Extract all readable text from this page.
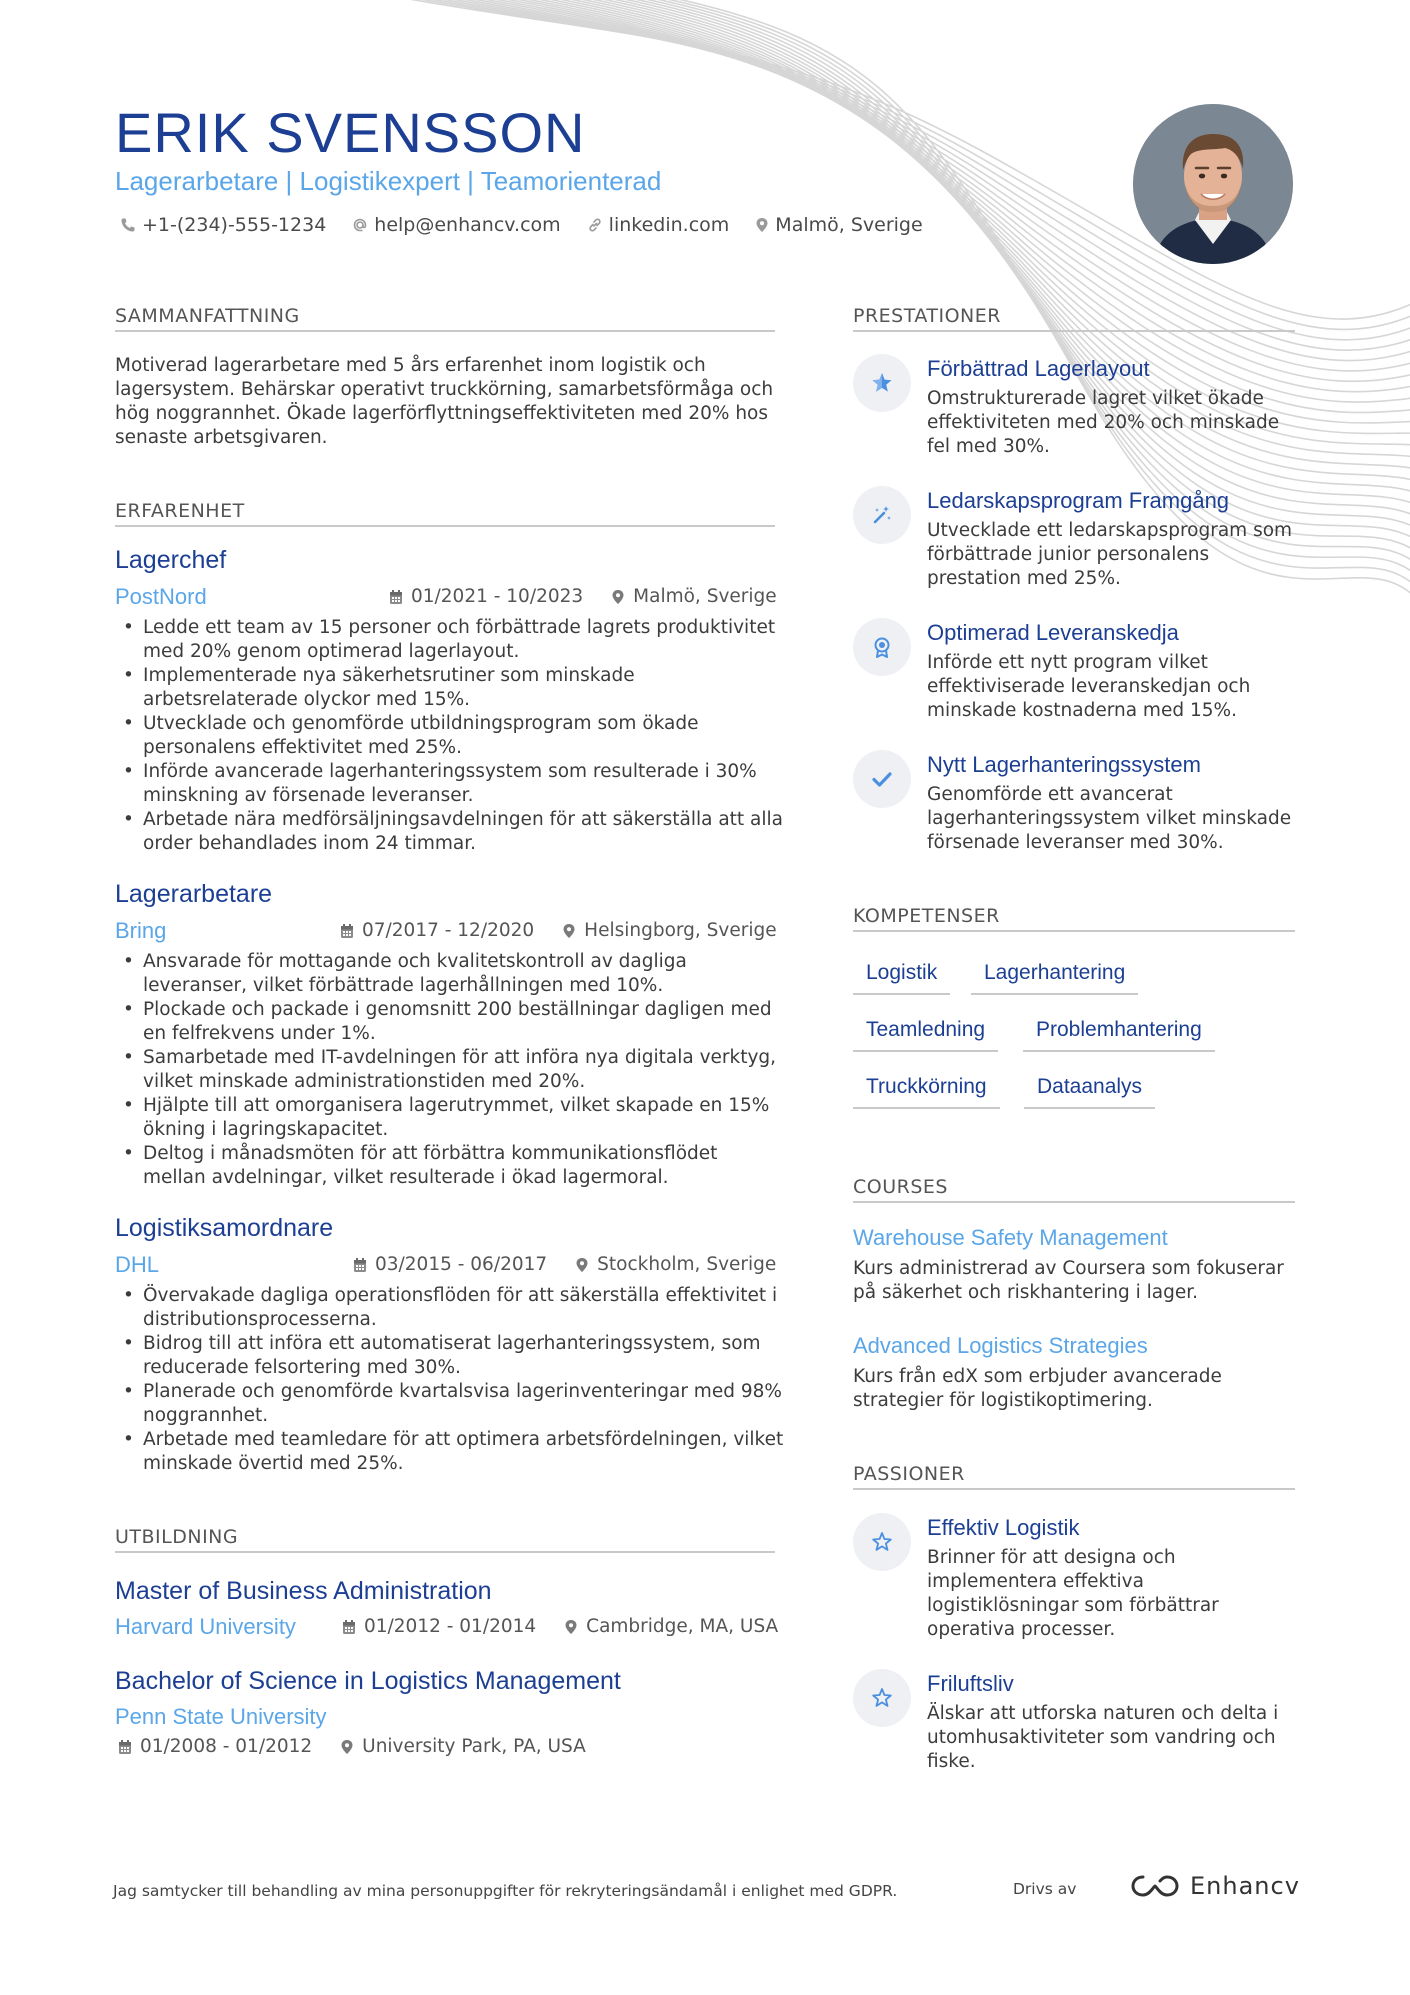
ERIK SVENSSON
Lagerarbetare | Logistikexpert | Teamorienterad
+1-(234)-555-1234	help@enhancv.com	linkedin.com Malmö, Sverige
SAMMANFATTNING
Motiverad lagerarbetare med 5 års erfarenhet inom logistik och lagersystem. Behärskar operativt truckkörning, samarbetsförmåga och hög noggrannhet. Ökade lagerförflyttningseffektiviteten med 20% hos senaste arbetsgivaren.
ERFARENHET
Lagerchef
PostNord	01/2021 - 10/2023	Malmö, Sverige
• Ledde ett team av 15 personer och förbättrade lagrets produktivitet med 20% genom optimerad lagerlayout.
• Implementerade nya säkerhetsrutiner som minskade arbetsrelaterade olyckor med 15%.
• Utvecklade och genomförde utbildningsprogram som ökade personalens effektivitet med 25%.
• Införde avancerade lagerhanteringssystem som resulterade i 30% minskning av försenade leveranser.
• Arbetade nära medförsäljningsavdelningen för att säkerställa att alla order behandlades inom 24 timmar.
Lagerarbetare
Bring	07/2017 - 12/2020	Helsingborg, Sverige
• Ansvarade för mottagande och kvalitetskontroll av dagliga leveranser, vilket förbättrade lagerhållningen med 10%.
• Plockade och packade i genomsnitt 200 beställningar dagligen med en felfrekvens under 1%.
• Samarbetade med IT-avdelningen för att införa nya digitala verktyg, vilket minskade administrationstiden med 20%.
• Hjälpte till att omorganisera lagerutrymmet, vilket skapade en 15% ökning i lagringskapacitet.
• Deltog i månadsmöten för att förbättra kommunikationsflödet mellan avdelningar, vilket resulterade i ökad lagermoral.
Logistiksamordnare
DHL	03/2015 - 06/2017	Stockholm, Sverige
• Övervakade dagliga operationsflöden för att säkerställa effektivitet i distributionsprocesserna.
• Bidrog till att införa ett automatiserat lagerhanteringssystem, som reducerade felsortering med 30%.
• Planerade och genomförde kvartalsvisa lagerinventeringar med 98% noggrannhet.
• Arbetade med teamledare för att optimera arbetsfördelningen, vilket minskade övertid med 25%.
UTBILDNING
Master of Business Administration
Harvard University	01/2012 - 01/2014	Cambridge, MA, USA
Bachelor of Science in Logistics Management
Penn State University
01/2008 - 01/2012	University Park, PA, USA
PRESTATIONER
Förbättrad Lagerlayout
Omstrukturerade lagret vilket ökade effektiviteten med 20% och minskade fel med 30%.
Ledarskapsprogram Framgång
Utvecklade ett ledarskapsprogram som förbättrade junior personalens prestation med 25%.
Optimerad Leveranskedja
Införde ett nytt program vilket effektiviserade leveranskedjan och minskade kostnaderna med 15%.
Nytt Lagerhanteringssystem
Genomförde ett avancerat lagerhanteringssystem vilket minskade försenade leveranser med 30%.
KOMPETENSER
Logistik	Lagerhantering
Teamledning	Problemhantering
Truckkörning	Dataanalys
COURSES
Warehouse Safety Management
Kurs administrerad av Coursera som fokuserar på säkerhet och riskhantering i lager.
Advanced Logistics Strategies
Kurs från edX som erbjuder avancerade strategier för logistikoptimering.
PASSIONER
Effektiv Logistik
Brinner för att designa och implementera effektiva logistiklösningar som förbättrar operativa processer.
Friluftsliv
Älskar att utforska naturen och delta i utomhusaktiviteter som vandring och fiske.
Jag samtycker till behandling av mina personuppgifter för rekryteringsändamål i enlighet med GDPR.	Drivs av	Enhancv
